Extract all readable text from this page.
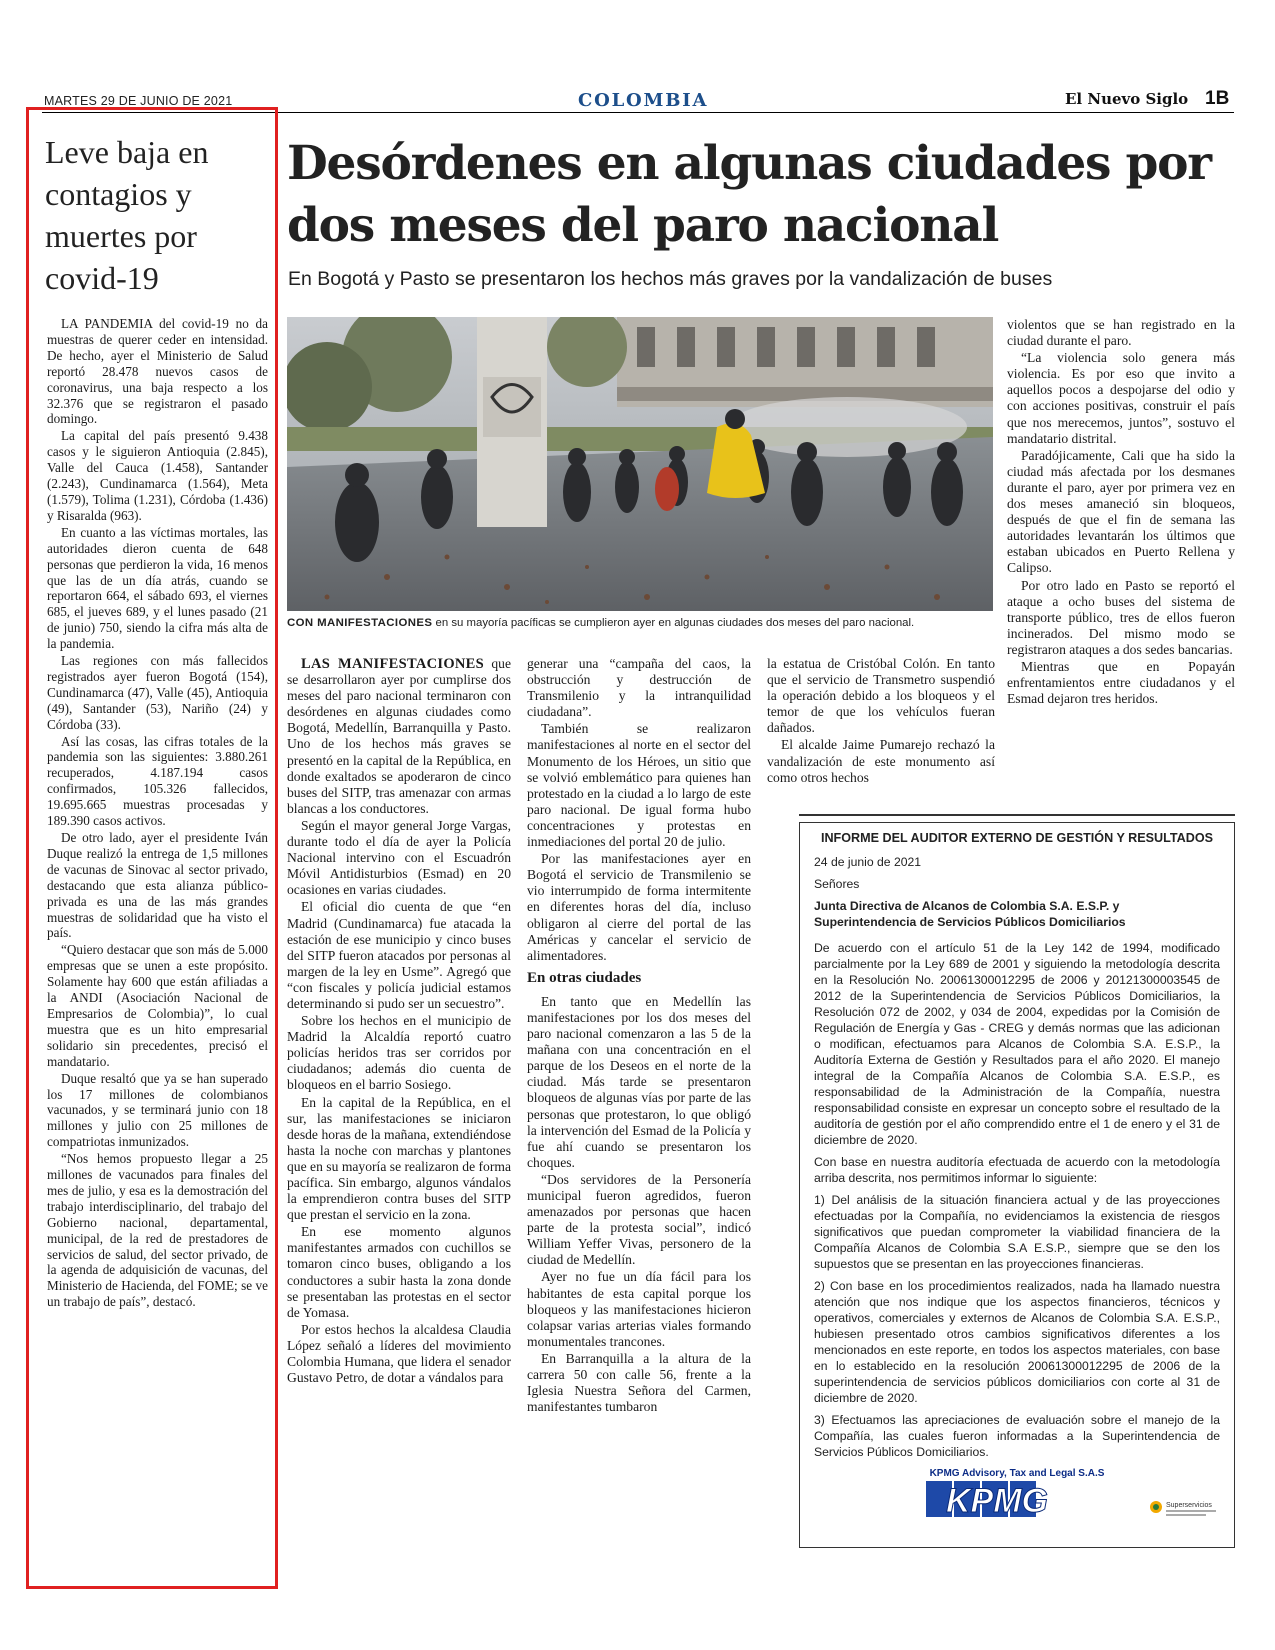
MARTES 29 DE JUNIO DE 2021	COLOMBIA	El Nuevo Siglo 1B
Leve baja en contagios y muertes por covid-19

LA PANDEMIA del covid-19 no da muestras de querer ceder en intensidad. De hecho, ayer el Ministerio de Salud reportó 28.478 nuevos casos de coronavirus, una baja respecto a los 32.376 que se registraron el pasado domingo.

La capital del país presentó 9.438 casos y le siguieron Antioquia (2.845), Valle del Cauca (1.458), Santander (2.243), Cundinamarca (1.564), Meta (1.579), Tolima (1.231), Córdoba (1.436) y Risaralda (963).

En cuanto a las víctimas mortales, las autoridades dieron cuenta de 648 personas que perdieron la vida, 16 menos que las de un día atrás, cuando se reportaron 664, el sábado 693, el viernes 685, el jueves 689, y el lunes pasado (21 de junio) 750, siendo la cifra más alta de la pandemia.

Las regiones con más fallecidos registrados ayer fueron Bogotá (154), Cundinamarca (47), Valle (45), Antioquia (49), Santander (53), Nariño (24) y Córdoba (33).

Así las cosas, las cifras totales de la pandemia son las siguientes: 3.880.261 recuperados, 4.187.194 casos confirmados, 105.326 fallecidos, 19.695.665 muestras procesadas y 189.390 casos activos.

De otro lado, ayer el presidente Iván Duque realizó la entrega de 1,5 millones de vacunas de Sinovac al sector privado, destacando que esta alianza público-privada es una de las más grandes muestras de solidaridad que ha visto el país.

“Quiero destacar que son más de 5.000 empresas que se unen a este propósito. Solamente hay 600 que están afiliadas a la ANDI (Asociación Nacional de Empresarios de Colombia)”, lo cual muestra que es un hito empresarial solidario sin precedentes, precisó el mandatario.

Duque resaltó que ya se han superado los 17 millones de colombianos vacunados, y se terminará junio con 18 millones y julio con 25 millones de compatriotas inmunizados.

“Nos hemos propuesto llegar a 25 millones de vacunados para finales del mes de julio, y esa es la demostración del trabajo interdisciplinario, del trabajo del Gobierno nacional, departamental, municipal, de la red de prestadores de servicios de salud, del sector privado, de la agenda de adquisición de vacunas, del Ministerio de Hacienda, del FOME; se ve un trabajo de país”, destacó.

Desórdenes en algunas ciudades por dos meses del paro nacional
En Bogotá y Pasto se presentaron los hechos más graves por la vandalización de buses
CON MANIFESTACIONES en su mayoría pacíficas se cumplieron ayer en algunas ciudades dos meses del paro nacional.

LAS MANIFESTACIONES que se desarrollaron ayer por cumplirse dos meses del paro nacional terminaron con desórdenes en algunas ciudades como Bogotá, Medellín, Barranquilla y Pasto. Uno de los hechos más graves se presentó en la capital de la República, en donde exaltados se apoderaron de cinco buses del SITP, tras amenazar con armas blancas a los conductores.

Según el mayor general Jorge Vargas, durante todo el día de ayer la Policía Nacional intervino con el Escuadrón Móvil Antidisturbios (Esmad) en 20 ocasiones en varias ciudades.

El oficial dio cuenta de que “en Madrid (Cundinamarca) fue atacada la estación de ese municipio y cinco buses del SITP fueron atacados por personas al margen de la ley en Usme”. Agregó que “con fiscales y policía judicial estamos determinando si pudo ser un secuestro”.

Sobre los hechos en el municipio de Madrid la Alcaldía reportó cuatro policías heridos tras ser corridos por ciudadanos; además dio cuenta de bloqueos en el barrio Sosiego.

En la capital de la República, en el sur, las manifestaciones se iniciaron desde horas de la mañana, extendiéndose hasta la noche con marchas y plantones que en su mayoría se realizaron de forma pacífica. Sin embargo, algunos vándalos la emprendieron contra buses del SITP que prestan el servicio en la zona.

En ese momento algunos manifestantes armados con cuchillos se tomaron cinco buses, obligando a los conductores a subir hasta la zona donde se presentaban las protestas en el sector de Yomasa.

Por estos hechos la alcaldesa Claudia López señaló a líderes del movimiento Colombia Humana, que lidera el senador Gustavo Petro, de dotar a vándalos para

generar una “campaña del caos, la obstrucción y destrucción de Transmilenio y la intranquilidad ciudadana”.

También se realizaron manifestaciones al norte en el sector del Monumento de los Héroes, un sitio que se volvió emblemático para quienes han protestado en la ciudad a lo largo de este paro nacional. De igual forma hubo concentraciones y protestas en inmediaciones del portal 20 de julio.

Por las manifestaciones ayer en Bogotá el servicio de Transmilenio se vio interrumpido de forma intermitente en diferentes horas del día, incluso obligaron al cierre del portal de las Américas y cancelar el servicio de alimentadores.

En otras ciudades

En tanto que en Medellín las manifestaciones por los dos meses del paro nacional comenzaron a las 5 de la mañana con una concentración en el parque de los Deseos en el norte de la ciudad. Más tarde se presentaron bloqueos de algunas vías por parte de las personas que protestaron, lo que obligó la intervención del Esmad de la Policía y fue ahí cuando se presentaron los choques.

“Dos servidores de la Personería municipal fueron agredidos, fueron amenazados por personas que hacen parte de la protesta social”, indicó William Yeffer Vivas, personero de la ciudad de Medellín.

Ayer no fue un día fácil para los habitantes de esta capital porque los bloqueos y las manifestaciones hicieron colapsar varias arterias viales formando monumentales trancones.

En Barranquilla a la altura de la carrera 50 con calle 56, frente a la Iglesia Nuestra Señora del Carmen, manifestantes tumbaron

la estatua de Cristóbal Colón. En tanto que el servicio de Transmetro suspendió la operación debido a los bloqueos y el temor de que los vehículos fueran dañados.

El alcalde Jaime Pumarejo rechazó la vandalización de este monumento así como otros hechos

violentos que se han registrado en la ciudad durante el paro.

“La violencia solo genera más violencia. Es por eso que invito a aquellos pocos a despojarse del odio y con acciones positivas, construir el país que nos merecemos, juntos”, sostuvo el mandatario distrital.

Paradójicamente, Cali que ha sido la ciudad más afectada por los desmanes durante el paro, ayer por primera vez en dos meses amaneció sin bloqueos, después de que el fin de semana las autoridades levantarán los últimos que estaban ubicados en Puerto Rellena y Calipso.

Por otro lado en Pasto se reportó el ataque a ocho buses del sistema de transporte público, tres de ellos fueron incinerados. Del mismo modo se registraron ataques a dos sedes bancarias.

Mientras que en Popayán enfrentamientos entre ciudadanos y el Esmad dejaron tres heridos.

INFORME DEL AUDITOR EXTERNO DE GESTIÓN Y RESULTADOS

24 de junio de 2021

Señores

Junta Directiva de Alcanos de Colombia S.A. E.S.P. y
Superintendencia de Servicios Públicos Domiciliarios

De acuerdo con el artículo 51 de la Ley 142 de 1994, modificado parcialmente por la Ley 689 de 2001 y siguiendo la metodología descrita en la Resolución No. 20061300012295 de 2006 y 20121300003545 de 2012 de la Superintendencia de Servicios Públicos Domiciliarios, la Resolución 072 de 2002, y 034 de 2004, expedidas por la Comisión de Regulación de Energía y Gas - CREG y demás normas que las adicionan o modifican, efectuamos para Alcanos de Colombia S.A. E.S.P., la Auditoría Externa de Gestión y Resultados para el año 2020. El manejo integral de la Compañía Alcanos de Colombia S.A. E.S.P., es responsabilidad de la Administración de la Compañía, nuestra responsabilidad consiste en expresar un concepto sobre el resultado de la auditoría de gestión por el año comprendido entre el 1 de enero y el 31 de diciembre de 2020.

Con base en nuestra auditoría efectuada de acuerdo con la metodología arriba descrita, nos permitimos informar lo siguiente:

1) Del análisis de la situación financiera actual y de las proyecciones efectuadas por la Compañía, no evidenciamos la existencia de riesgos significativos que puedan comprometer la viabilidad financiera de la Compañía Alcanos de Colombia S.A E.S.P., siempre que se den los supuestos que se presentan en las proyecciones financieras.

2) Con base en los procedimientos realizados, nada ha llamado nuestra atención que nos indique que los aspectos financieros, técnicos y operativos, comerciales y externos de Alcanos de Colombia S.A. E.S.P., hubiesen presentado otros cambios significativos diferentes a los mencionados en este reporte, en todos los aspectos materiales, con base en lo establecido en la resolución 20061300012295 de 2006 de la superintendencia de servicios públicos domiciliarios con corte al 31 de diciembre de 2020.

3) Efectuamos las apreciaciones de evaluación sobre el manejo de la Compañía, las cuales fueron informadas a la Superintendencia de Servicios Públicos Domiciliarios.

KPMG Advisory, Tax and Legal S.A.S
KPMG	Superservicios
